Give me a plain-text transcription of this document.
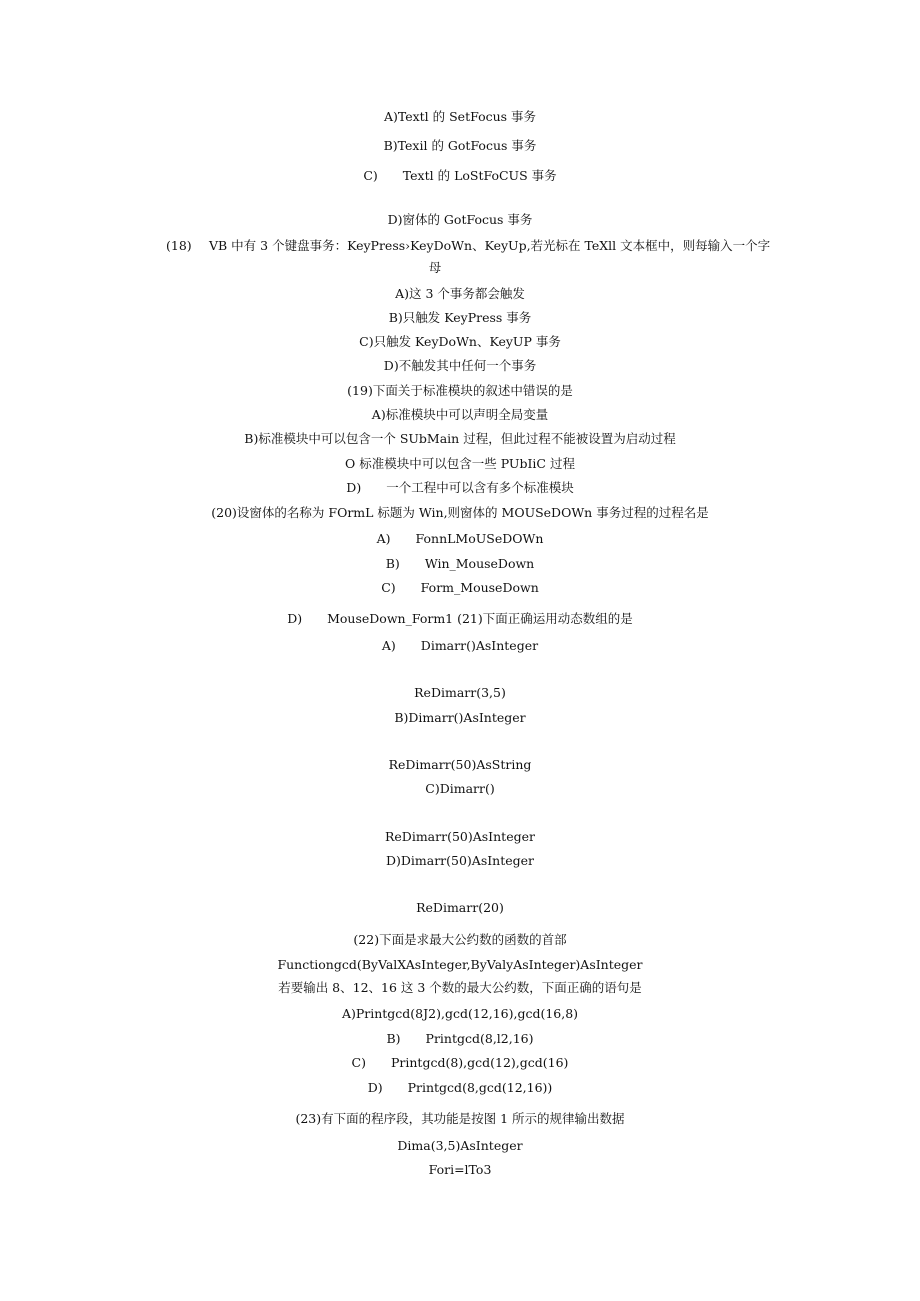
A)Textl 的 SetFocus 事务
B)Texil 的 GotFocus 事务
C)  Textl 的 LoStFoCUS 事务
D)窗体的 GotFocus 事务
(18) VB 中有 3 个键盘事务：KeyPress›KeyDoWn、KeyUp,若光标在 TeXll 文本框中，则每输入一个字
母
A)这 3 个事务都会触发
B)只触发 KeyPress 事务
C)只触发 KeyDoWn、KeyUP 事务
D)不触发其中任何一个事务
(19)下面关于标准模块的叙述中错误的是
A)标准模块中可以声明全局变量
B)标准模块中可以包含一个 SUbMain 过程，但此过程不能被设置为启动过程
O 标准模块中可以包含一些 PUbIiC 过程
D)  一个工程中可以含有多个标准模块
(20)设窗体的名称为 FOrmL 标题为 Win,则窗体的 MOUSeDOWn 事务过程的过程名是
A)  FonnLMoUSeDOWn
B)  Win_MouseDown
C)  Form_MouseDown
D)  MouseDown_Form1 (21)下面正确运用动态数组的是
A)  Dimarr()AsInteger
ReDimarr(3,5)
B)Dimarr()AsInteger
ReDimarr(50)AsString
C)Dimarr()
ReDimarr(50)AsInteger
D)Dimarr(50)AsInteger
ReDimarr(20)
(22)下面是求最大公约数的函数的首部
Functiongcd(ByValXAsInteger,ByValyAsInteger)AsInteger
若要输出 8、12、16 这 3 个数的最大公约数，下面正确的语句是
A)Printgcd(8J2),gcd(12,16),gcd(16,8)
B)  Printgcd(8,l2,16)
C)  Printgcd(8),gcd(12),gcd(16)
D)  Printgcd(8,gcd(12,16))
(23)有下面的程序段，其功能是按图 1 所示的规律输出数据
Dima(3,5)AsInteger
Fori=lTo3
